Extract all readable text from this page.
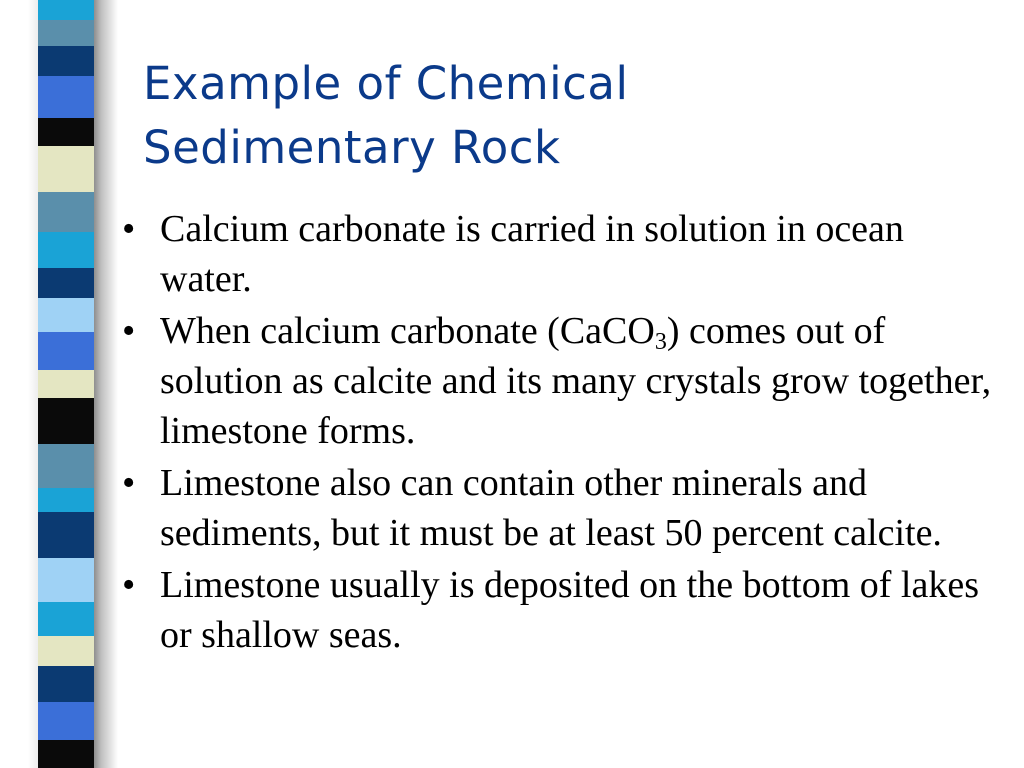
Example of Chemical
Sedimentary Rock
• Calcium carbonate is carried in solution in ocean water.
• When calcium carbonate (CaCO$_3$) comes out of solution as calcite and its many crystals grow together, limestone forms.
• Limestone also can contain other minerals and sediments, but it must be at least 50 percent calcite.
• Limestone usually is deposited on the bottom of lakes or shallow seas.
